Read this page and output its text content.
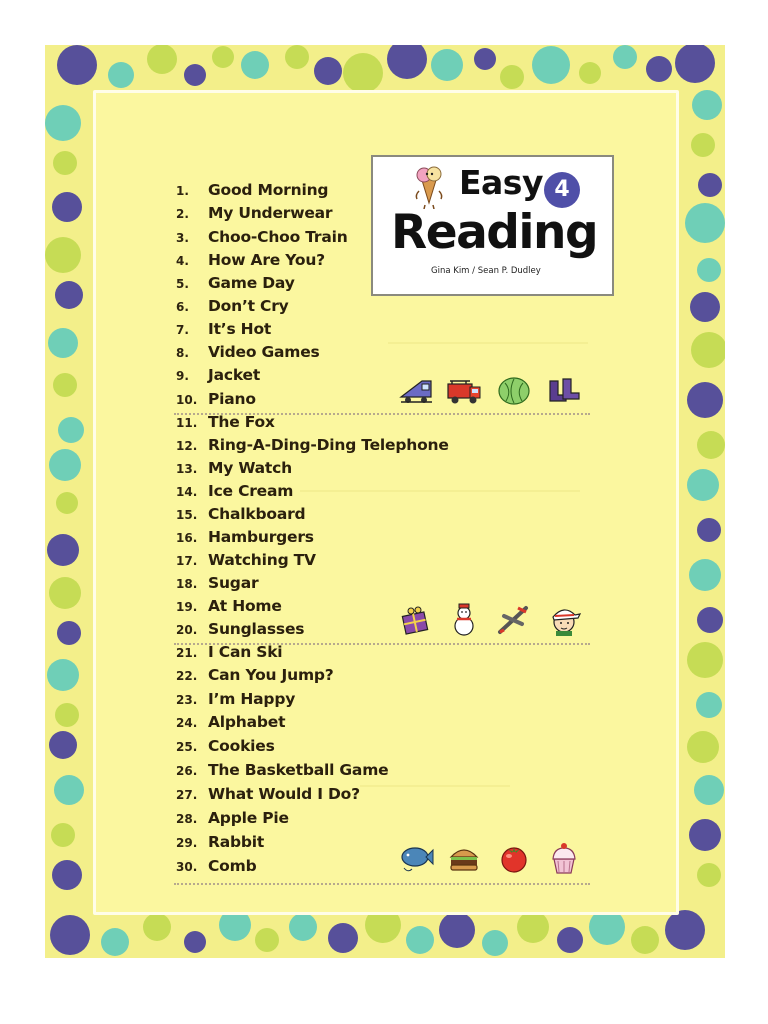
Easy 4
Reading
Gina Kim / Sean P. Dudley
1.	Good Morning
2.	My Underwear
3.	Choo-Choo Train
4.	How Are You?
5.	Game Day
6.	Don’t Cry
7.	It’s Hot
8.	Video Games
9.	Jacket
10. Piano
11. The Fox
12. Ring-A-Ding-Ding Telephone
13. My Watch
14. Ice Cream
15. Chalkboard
16. Hamburgers
17. Watching TV
18. Sugar
19. At Home
20. Sunglasses
21. I Can Ski
22. Can You Jump?
23. I’m Happy
24. Alphabet
25. Cookies
26. The Basketball Game
27. What Would I Do?
28. Apple Pie
29. Rabbit
30. Comb
